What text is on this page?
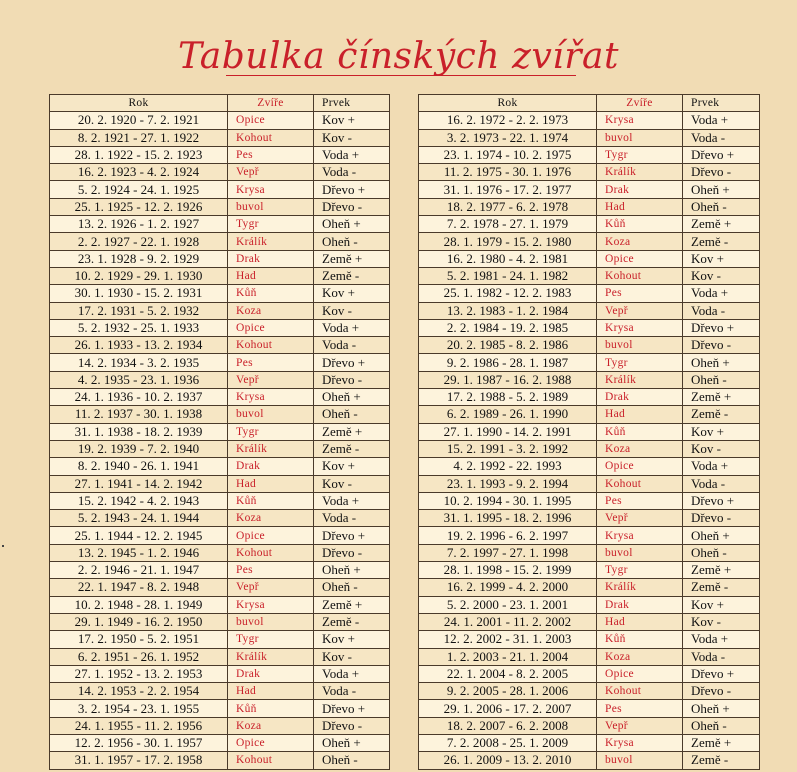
Tabulka čínských zvířat
Rok	Zvíře	Prvek
20. 2. 1920 - 7. 2. 1921	Opice	Kov +
8. 2. 1921 - 27. 1. 1922	Kohout	Kov -
28. 1. 1922 - 15. 2. 1923	Pes	Voda +
16. 2. 1923 - 4. 2. 1924	Vepř	Voda -
5. 2. 1924 - 24. 1. 1925	Krysa	Dřevo +
25. 1. 1925 - 12. 2. 1926	buvol	Dřevo -
13. 2. 1926 - 1. 2. 1927	Tygr	Oheň +
2. 2. 1927 - 22. 1. 1928	Králík	Oheň -
23. 1. 1928 - 9. 2. 1929	Drak	Země +
10. 2. 1929 - 29. 1. 1930	Had	Země -
30. 1. 1930 - 15. 2. 1931	Kůň	Kov +
17. 2. 1931 - 5. 2. 1932	Koza	Kov -
5. 2. 1932 - 25. 1. 1933	Opice	Voda +
26. 1. 1933 - 13. 2. 1934	Kohout	Voda -
14. 2. 1934 - 3. 2. 1935	Pes	Dřevo +
4. 2. 1935 - 23. 1. 1936	Vepř	Dřevo -
24. 1. 1936 - 10. 2. 1937	Krysa	Oheň +
11. 2. 1937 - 30. 1. 1938	buvol	Oheň -
31. 1. 1938 - 18. 2. 1939	Tygr	Země +
19. 2. 1939 - 7. 2. 1940	Králík	Země -
8. 2. 1940 - 26. 1. 1941	Drak	Kov +
27. 1. 1941 - 14. 2. 1942	Had	Kov -
15. 2. 1942 - 4. 2. 1943	Kůň	Voda +
5. 2. 1943 - 24. 1. 1944	Koza	Voda -
25. 1. 1944 - 12. 2. 1945	Opice	Dřevo +
13. 2. 1945 - 1. 2. 1946	Kohout	Dřevo -
2. 2. 1946 - 21. 1. 1947	Pes	Oheň +
22. 1. 1947 - 8. 2. 1948	Vepř	Oheň -
10. 2. 1948 - 28. 1. 1949	Krysa	Země +
29. 1. 1949 - 16. 2. 1950	buvol	Země -
17. 2. 1950 - 5. 2. 1951	Tygr	Kov +
6. 2. 1951 - 26. 1. 1952	Králík	Kov -
27. 1. 1952 - 13. 2. 1953	Drak	Voda +
14. 2. 1953 - 2. 2. 1954	Had	Voda -
3. 2. 1954 - 23. 1. 1955	Kůň	Dřevo +
24. 1. 1955 - 11. 2. 1956	Koza	Dřevo -
12. 2. 1956 - 30. 1. 1957	Opice	Oheň +
31. 1. 1957 - 17. 2. 1958	Kohout	Oheň -
Rok	Zvíře	Prvek
16. 2. 1972 - 2. 2. 1973	Krysa	Voda +
3. 2. 1973 - 22. 1. 1974	buvol	Voda -
23. 1. 1974 - 10. 2. 1975	Tygr	Dřevo +
11. 2. 1975 - 30. 1. 1976	Králík	Dřevo -
31. 1. 1976 - 17. 2. 1977	Drak	Oheň +
18. 2. 1977 - 6. 2. 1978	Had	Oheň -
7. 2. 1978 - 27. 1. 1979	Kůň	Země +
28. 1. 1979 - 15. 2. 1980	Koza	Země -
16. 2. 1980 - 4. 2. 1981	Opice	Kov +
5. 2. 1981 - 24. 1. 1982	Kohout	Kov -
25. 1. 1982 - 12. 2. 1983	Pes	Voda +
13. 2. 1983 - 1. 2. 1984	Vepř	Voda -
2. 2. 1984 - 19. 2. 1985	Krysa	Dřevo +
20. 2. 1985 - 8. 2. 1986	buvol	Dřevo -
9. 2. 1986 - 28. 1. 1987	Tygr	Oheň +
29. 1. 1987 - 16. 2. 1988	Králík	Oheň -
17. 2. 1988 - 5. 2. 1989	Drak	Země +
6. 2. 1989 - 26. 1. 1990	Had	Země -
27. 1. 1990 - 14. 2. 1991	Kůň	Kov +
15. 2. 1991 - 3. 2. 1992	Koza	Kov -
4. 2. 1992 - 22. 1993	Opice	Voda +
23. 1. 1993 - 9. 2. 1994	Kohout	Voda -
10. 2. 1994 - 30. 1. 1995	Pes	Dřevo +
31. 1. 1995 - 18. 2. 1996	Vepř	Dřevo -
19. 2. 1996 - 6. 2. 1997	Krysa	Oheň +
7. 2. 1997 - 27. 1. 1998	buvol	Oheň -
28. 1. 1998 - 15. 2. 1999	Tygr	Země +
16. 2. 1999 - 4. 2. 2000	Králík	Země -
5. 2. 2000 - 23. 1. 2001	Drak	Kov +
24. 1. 2001 - 11. 2. 2002	Had	Kov -
12. 2. 2002 - 31. 1. 2003	Kůň	Voda +
1. 2. 2003 - 21. 1. 2004	Koza	Voda -
22. 1. 2004 - 8. 2. 2005	Opice	Dřevo +
9. 2. 2005 - 28. 1. 2006	Kohout	Dřevo -
29. 1. 2006 - 17. 2. 2007	Pes	Oheň +
18. 2. 2007 - 6. 2. 2008	Vepř	Oheň -
7. 2. 2008 - 25. 1. 2009	Krysa	Země +
26. 1. 2009 - 13. 2. 2010	buvol	Země -
